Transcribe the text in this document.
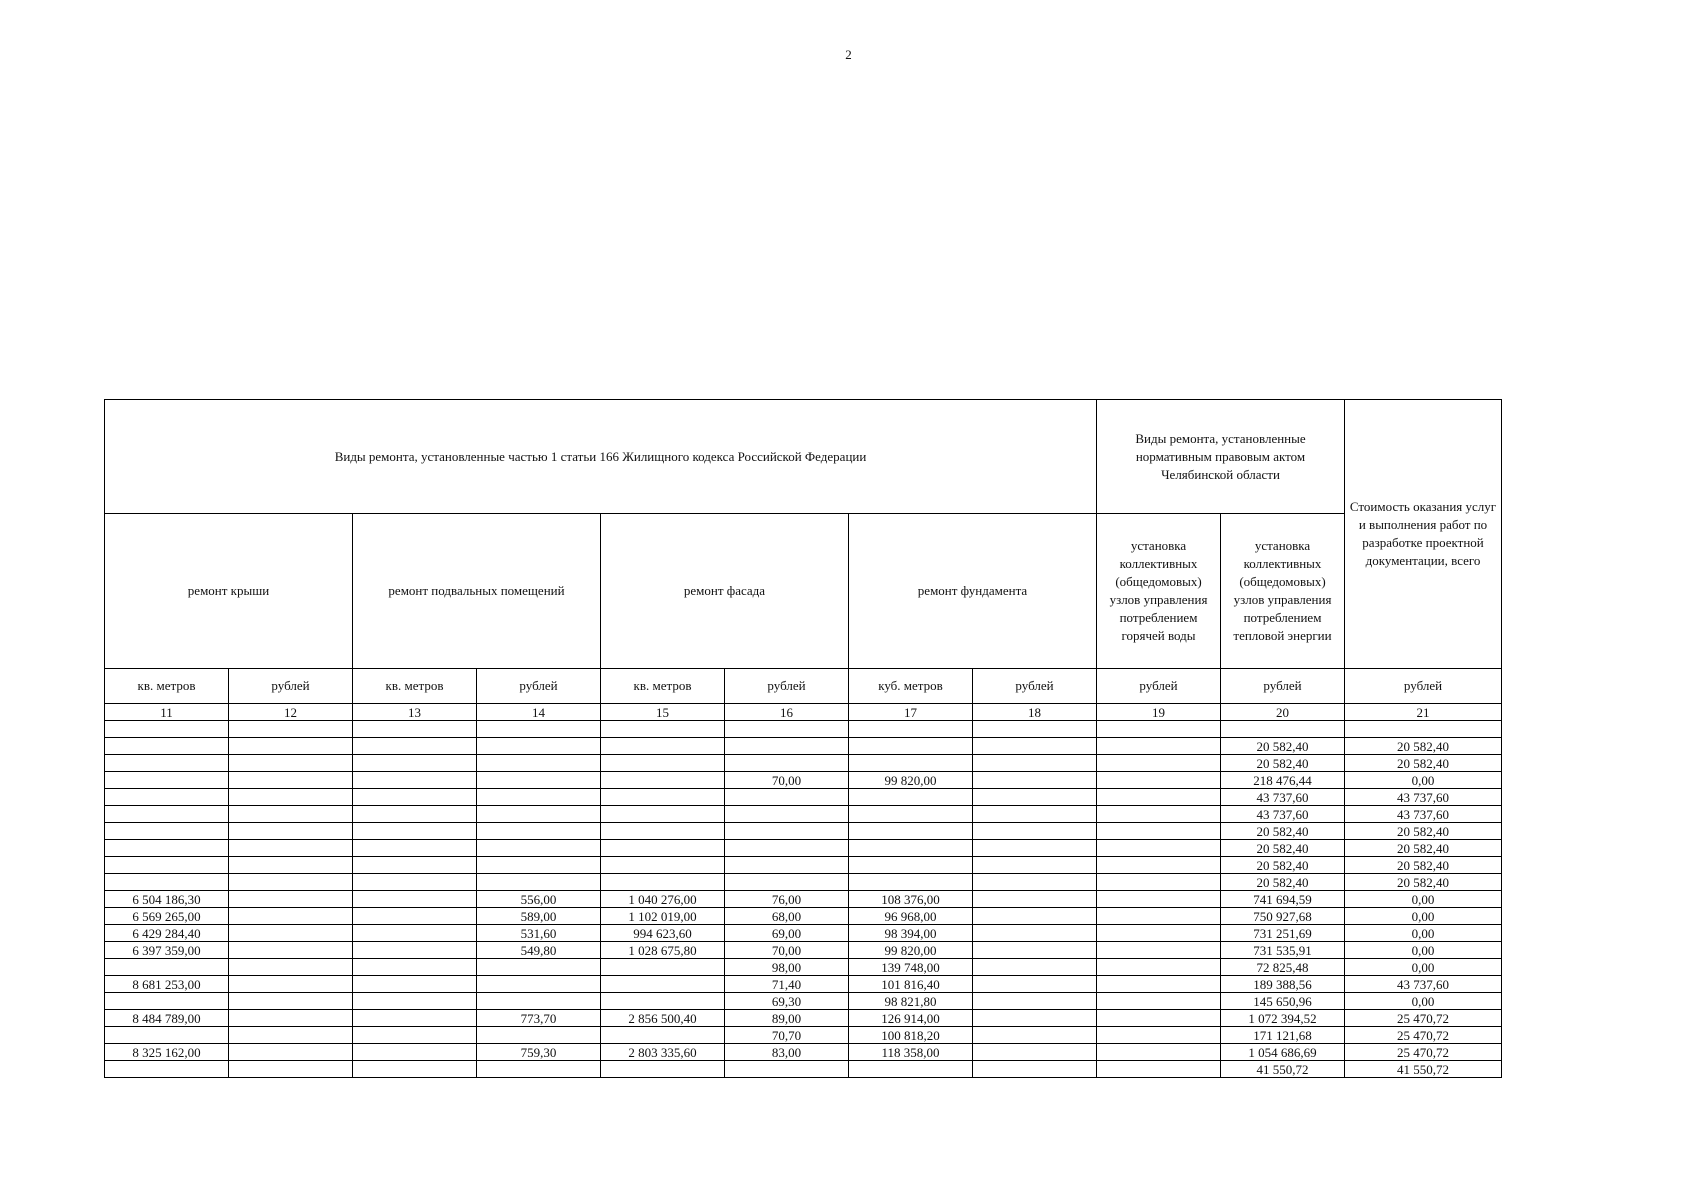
2
Виды ремонта, установленные частью 1 статьи 166 Жилищного кодекса Российской Федерации								Виды ремонта, установленные нормативным правовым актом Челябинской области		Стоимость оказания услуг и выполнения работ по разработке проектной документации, всего
ремонт крыши		ремонт подвальных помещений		ремонт фасада		ремонт фундамента		установка коллективных (общедомовых) узлов управления потреблением горячей воды	установка коллективных (общедомовых) узлов управления потреблением тепловой энергии	
кв. метров	рублей	кв. метров	рублей	кв. метров	рублей	куб. метров	рублей	рублей	рублей	рублей
11	12	13	14	15	16	17	18	19	20	21

									20 582,40	20 582,40
									20 582,40	20 582,40
					70,00	99 820,00			218 476,44	0,00
									43 737,60	43 737,60
									43 737,60	43 737,60
									20 582,40	20 582,40
									20 582,40	20 582,40
									20 582,40	20 582,40
									20 582,40	20 582,40
6 504 186,30			556,00	1 040 276,00	76,00	108 376,00			741 694,59	0,00
6 569 265,00			589,00	1 102 019,00	68,00	96 968,00			750 927,68	0,00
6 429 284,40			531,60	994 623,60	69,00	98 394,00			731 251,69	0,00
6 397 359,00			549,80	1 028 675,80	70,00	99 820,00			731 535,91	0,00
					98,00	139 748,00			72 825,48	0,00
8 681 253,00					71,40	101 816,40			189 388,56	43 737,60
					69,30	98 821,80			145 650,96	0,00
8 484 789,00			773,70	2 856 500,40	89,00	126 914,00			1 072 394,52	25 470,72
					70,70	100 818,20			171 121,68	25 470,72
8 325 162,00			759,30	2 803 335,60	83,00	118 358,00			1 054 686,69	25 470,72
									41 550,72	41 550,72
